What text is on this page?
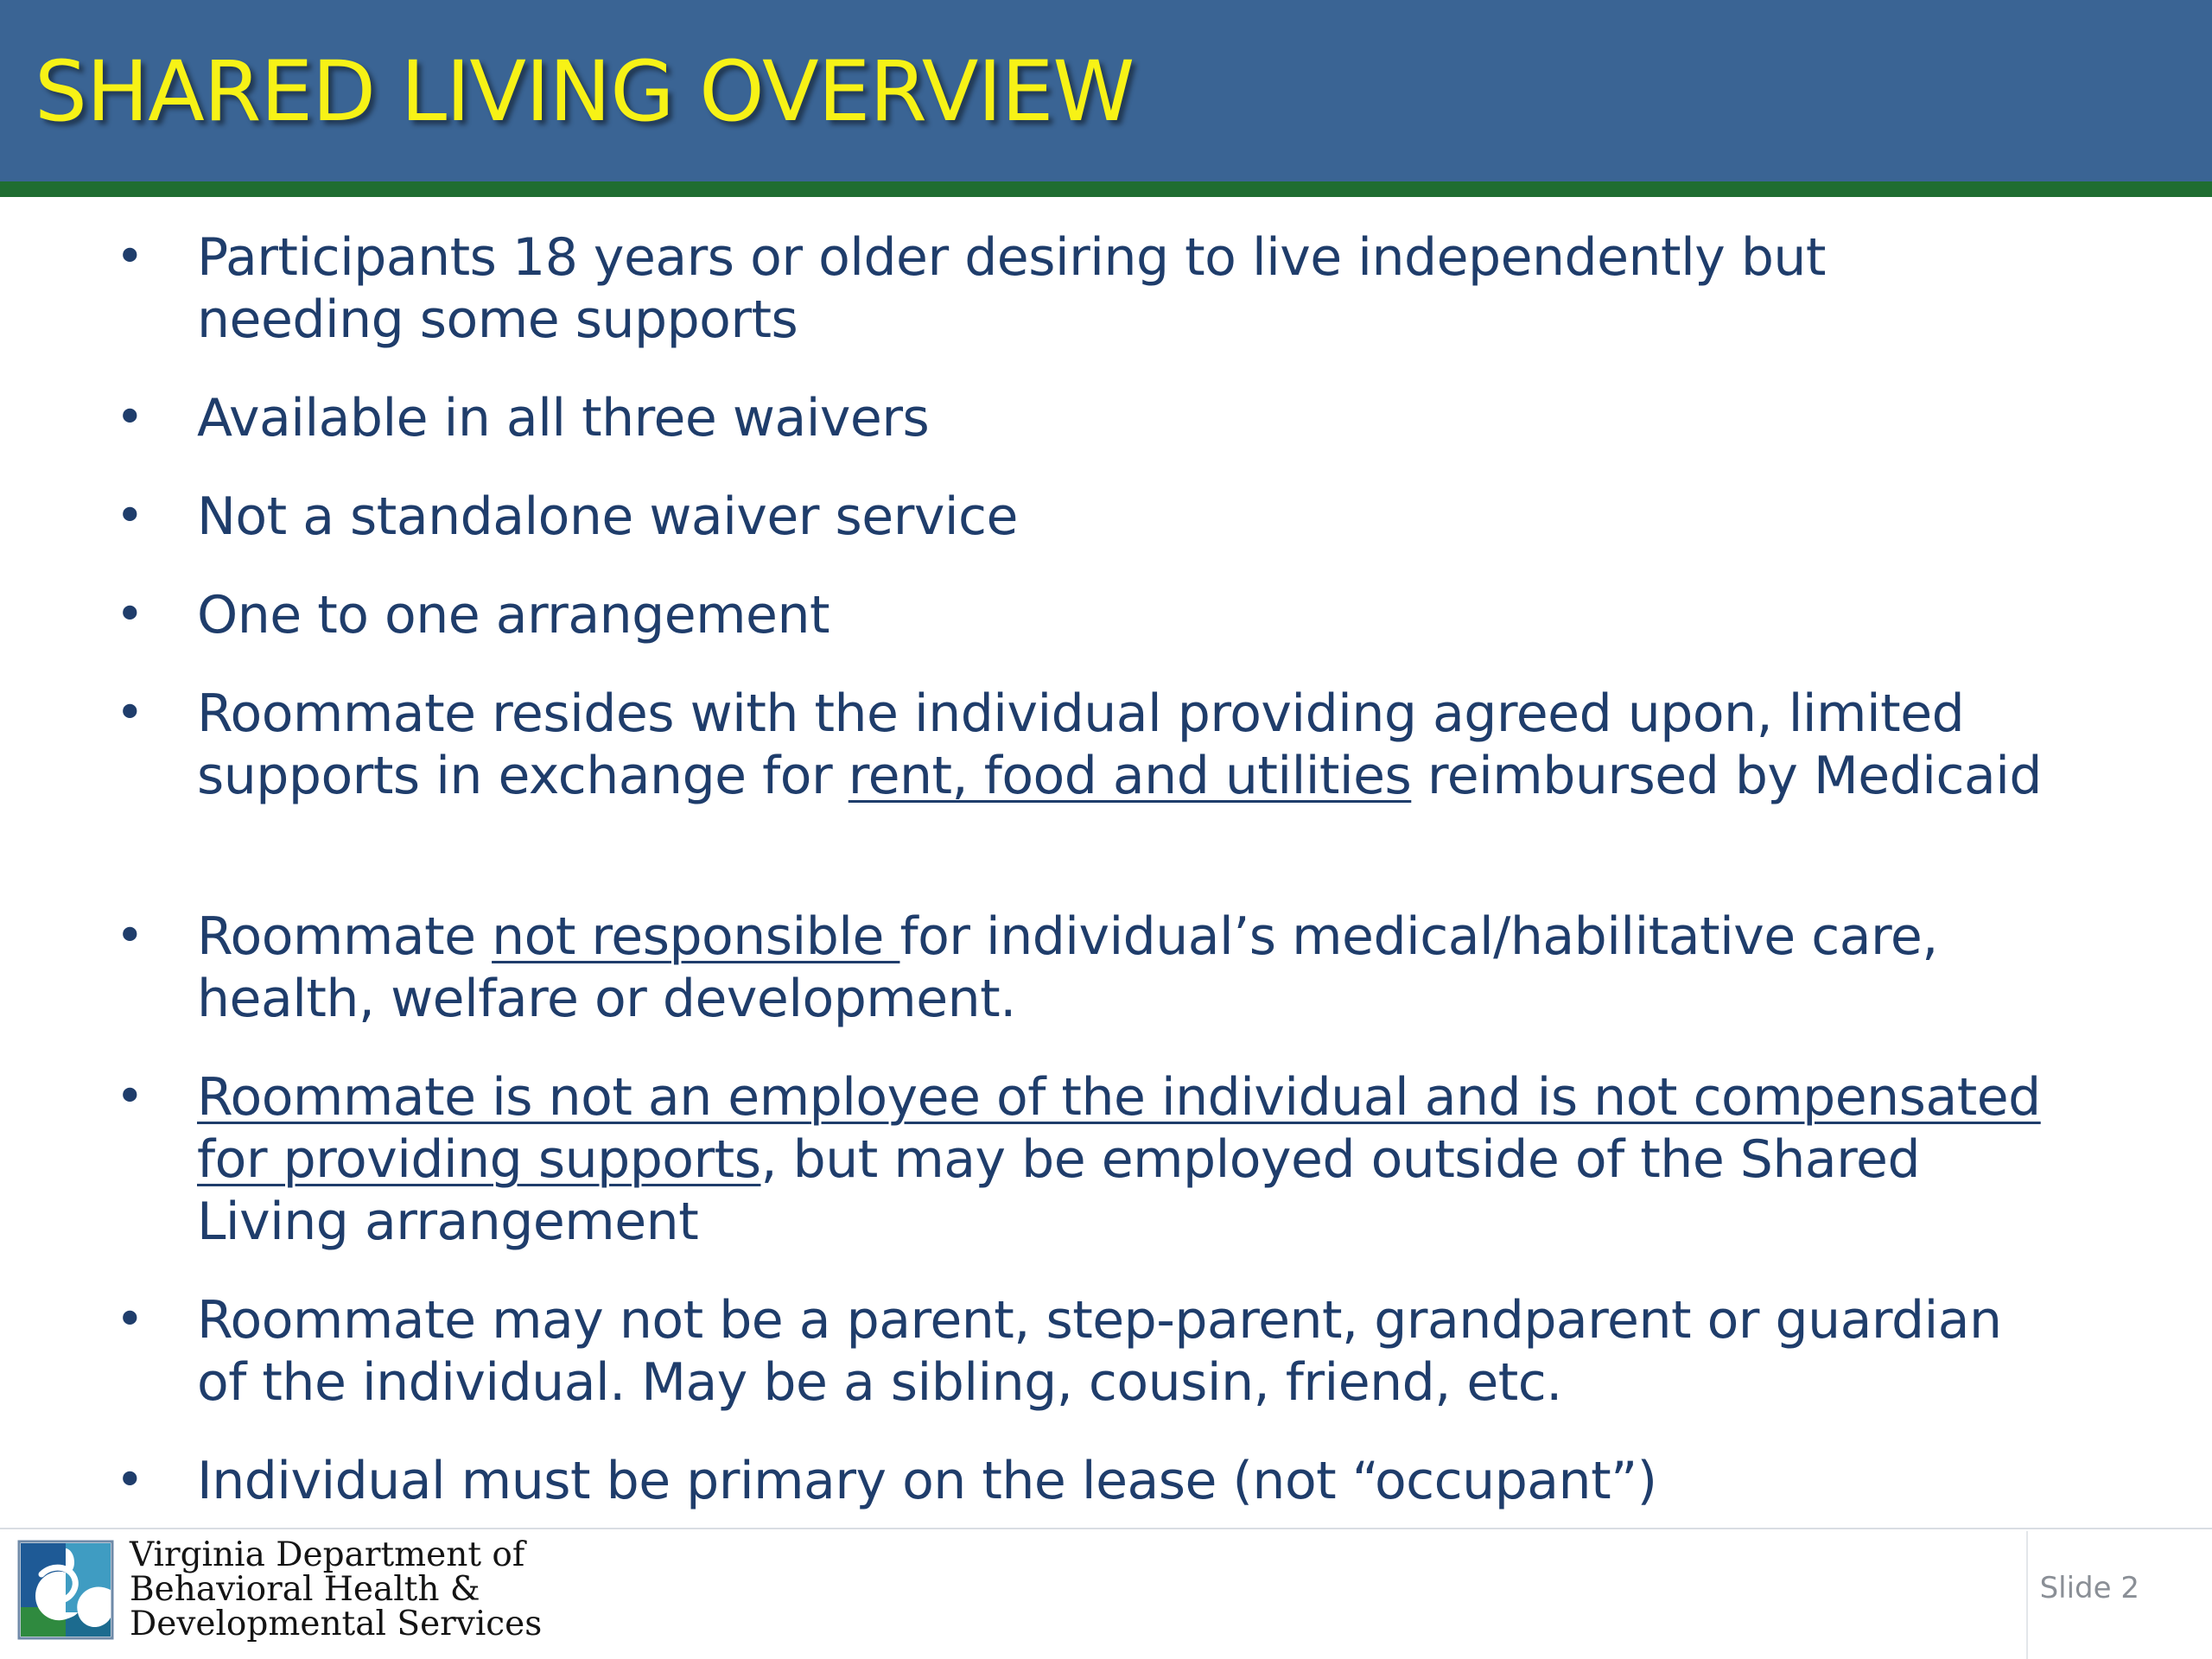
SHARED LIVING OVERVIEW
• Participants 18 years or older desiring to live independently but needing some supports
• Available in all three waivers
• Not a standalone waiver service
• One to one arrangement
• Roommate resides with the individual providing agreed upon, limited supports in exchange for rent, food and utilities reimbursed by Medicaid
• Roommate not responsible for individual’s medical/habilitative care, health, welfare or development.
• Roommate is not an employee of the individual and is not compensated for providing supports, but may be employed outside of the Shared Living arrangement
• Roommate may not be a parent, step-parent, grandparent or guardian of the individual. May be a sibling, cousin, friend, etc.
• Individual must be primary on the lease (not “occupant”)
Virginia Department of
Behavioral Health &
Developmental Services
Slide 2
